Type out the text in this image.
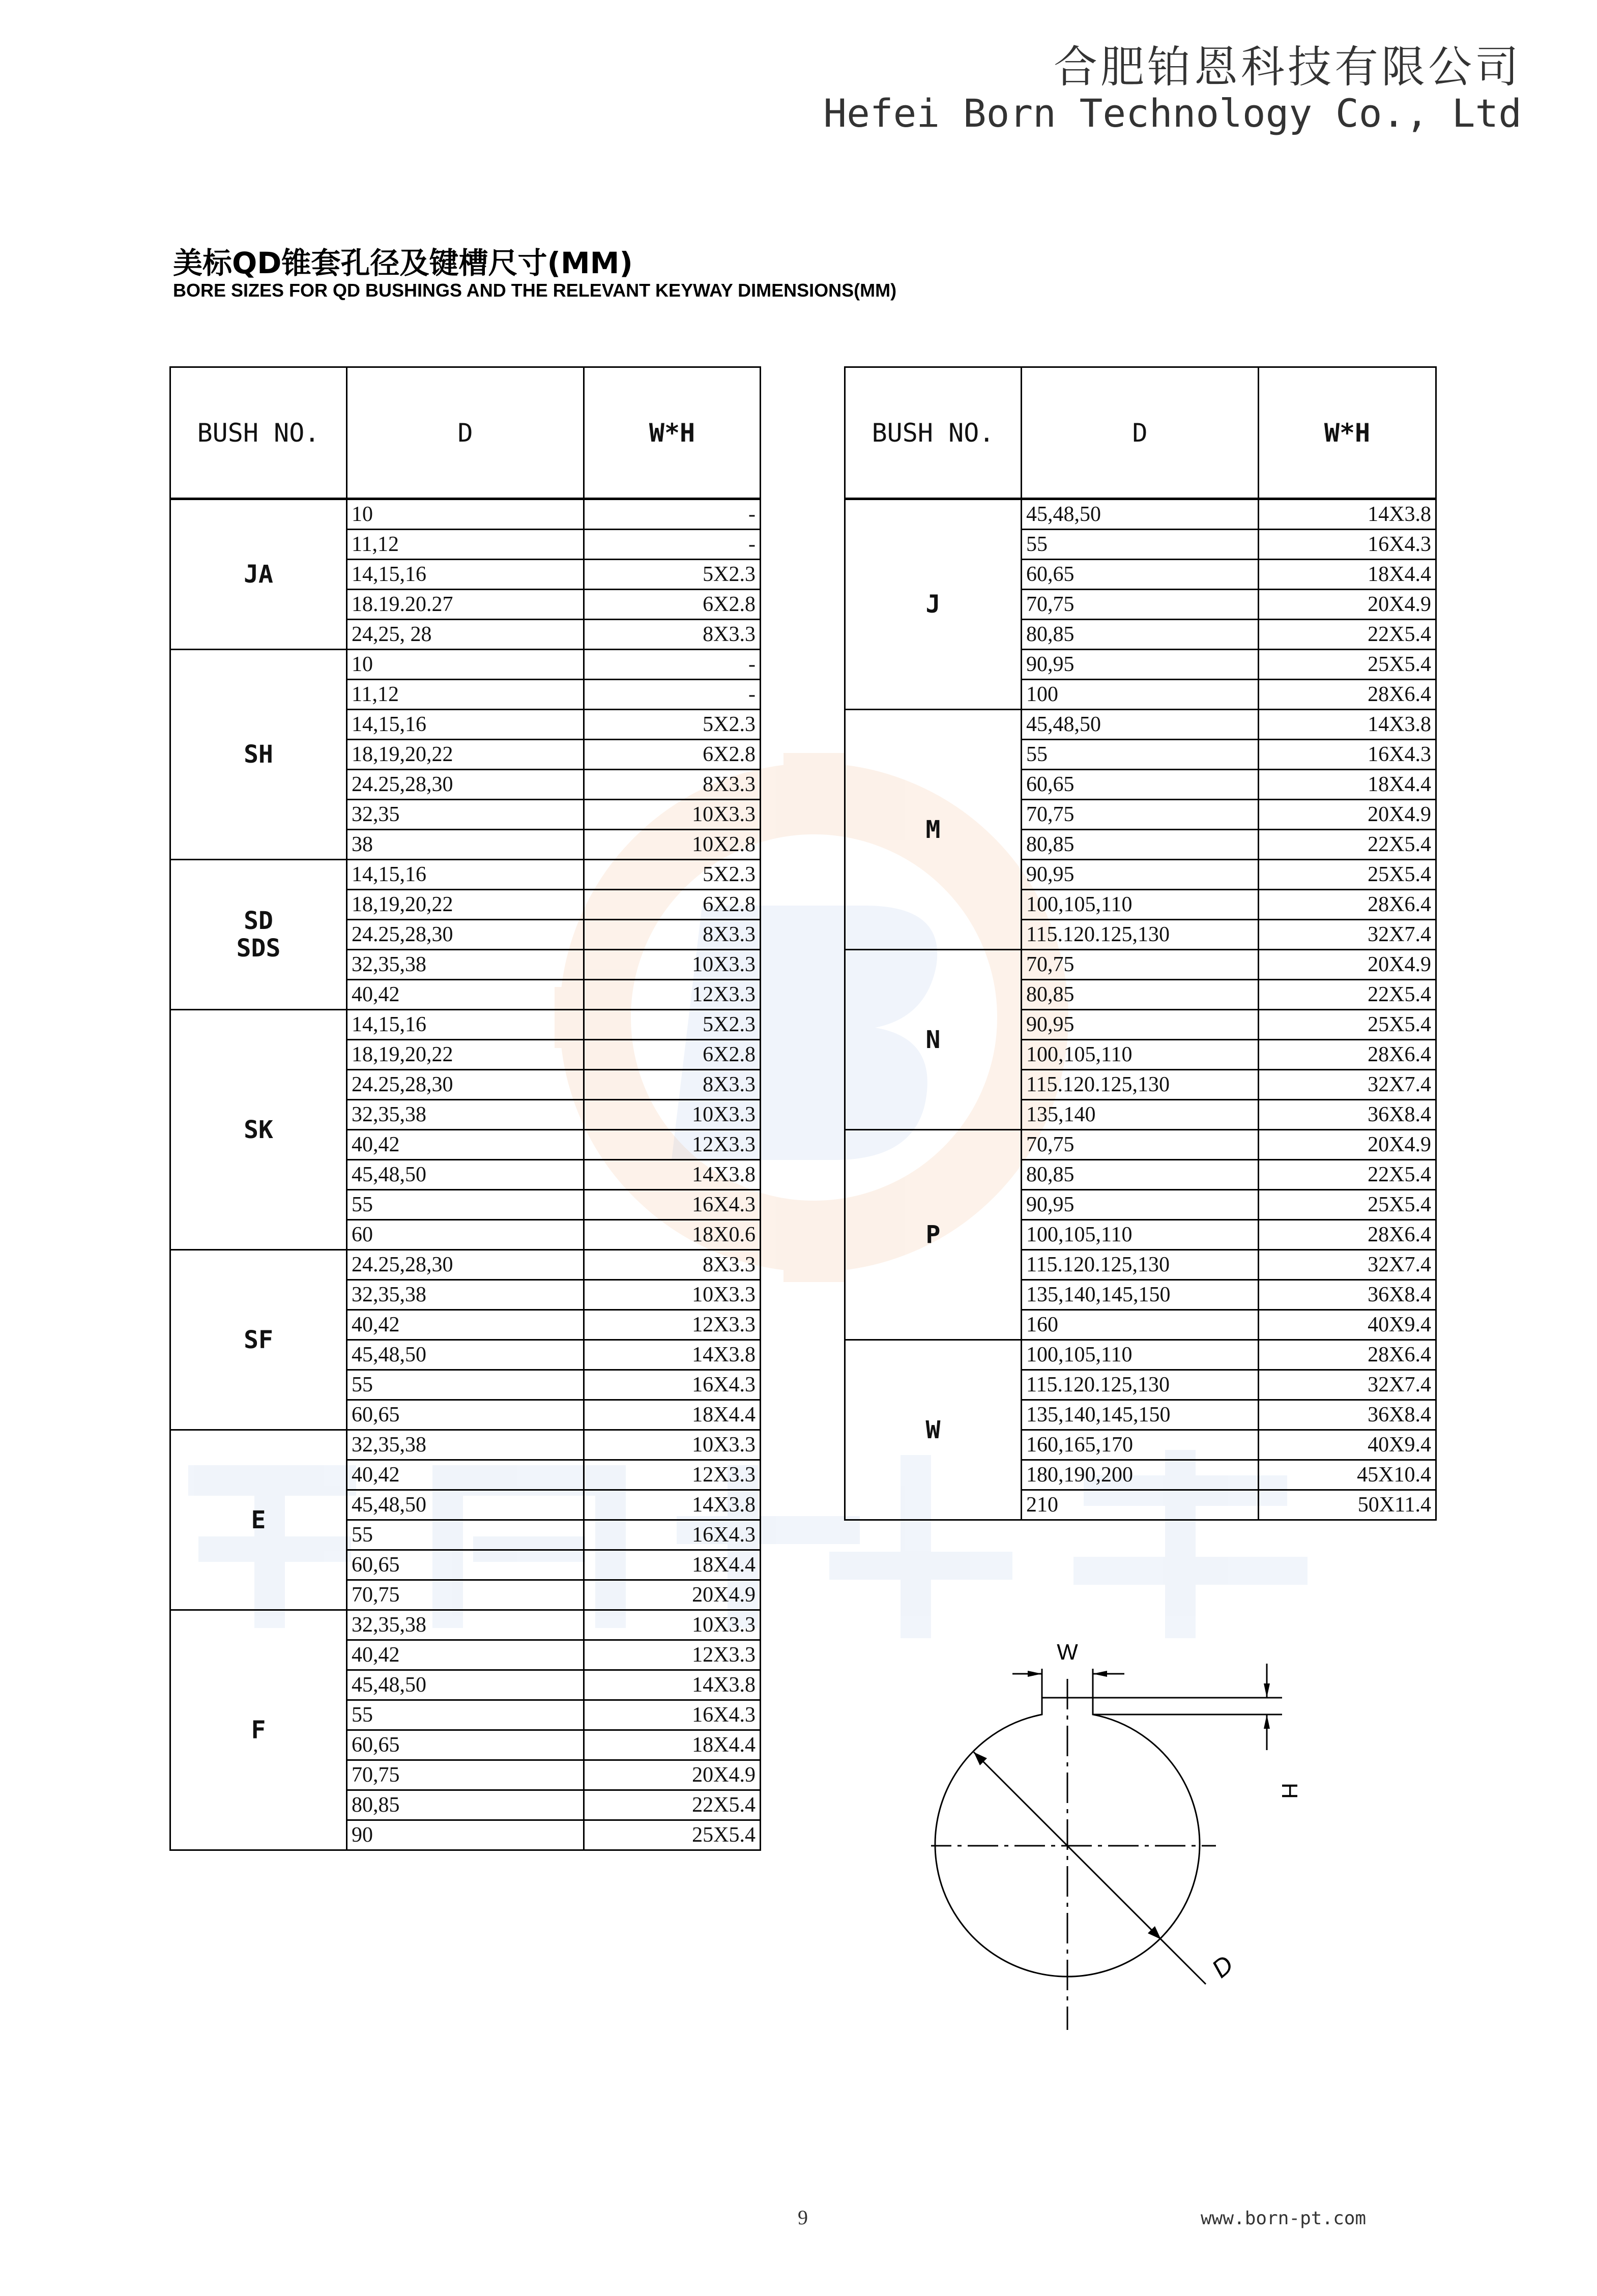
合肥铂恩科技有限公司
Hefei Born Technology Co., Ltd
美标QD锥套孔径及键槽尺寸(MM)
BORE SIZES FOR QD BUSHINGS AND THE RELEVANT KEYWAY DIMENSIONS(MM)
BUSH NO.	D	W*H
JA	10	-
	11,12	-
	14,15,16	5X2.3
	18.19.20.27	6X2.8
	24,25, 28	8X3.3
SH	10	-
	11,12	-
	14,15,16	5X2.3
	18,19,20,22	6X2.8
	24.25,28,30	8X3.3
	32,35	10X3.3
	38	10X2.8
SD
SDS	14,15,16	5X2.3
	18,19,20,22	6X2.8
	24.25,28,30	8X3.3
	32,35,38	10X3.3
	40,42	12X3.3
SK	14,15,16	5X2.3
	18,19,20,22	6X2.8
	24.25,28,30	8X3.3
	32,35,38	10X3.3
	40,42	12X3.3
	45,48,50	14X3.8
	55	16X4.3
	60	18X0.6
SF	24.25,28,30	8X3.3
	32,35,38	10X3.3
	40,42	12X3.3
	45,48,50	14X3.8
	55	16X4.3
	60,65	18X4.4
E	32,35,38	10X3.3
	40,42	12X3.3
	45,48,50	14X3.8
	55	16X4.3
	60,65	18X4.4
	70,75	20X4.9
F	32,35,38	10X3.3
	40,42	12X3.3
	45,48,50	14X3.8
	55	16X4.3
	60,65	18X4.4
	70,75	20X4.9
	80,85	22X5.4
	90	25X5.4
BUSH NO.	D	W*H
J	45,48,50	14X3.8
	55	16X4.3
	60,65	18X4.4
	70,75	20X4.9
	80,85	22X5.4
	90,95	25X5.4
	100	28X6.4
M	45,48,50	14X3.8
	55	16X4.3
	60,65	18X4.4
	70,75	20X4.9
	80,85	22X5.4
	90,95	25X5.4
	100,105,110	28X6.4
	115.120.125,130	32X7.4
N	70,75	20X4.9
	80,85	22X5.4
	90,95	25X5.4
	100,105,110	28X6.4
	115.120.125,130	32X7.4
	135,140	36X8.4
P	70,75	20X4.9
	80,85	22X5.4
	90,95	25X5.4
	100,105,110	28X6.4
	115.120.125,130	32X7.4
	135,140,145,150	36X8.4
	160	40X9.4
W	100,105,110	28X6.4
	115.120.125,130	32X7.4
	135,140,145,150	36X8.4
	160,165,170	40X9.4
	180,190,200	45X10.4
	210	50X11.4
W
H
D
9	www.born-pt.com
